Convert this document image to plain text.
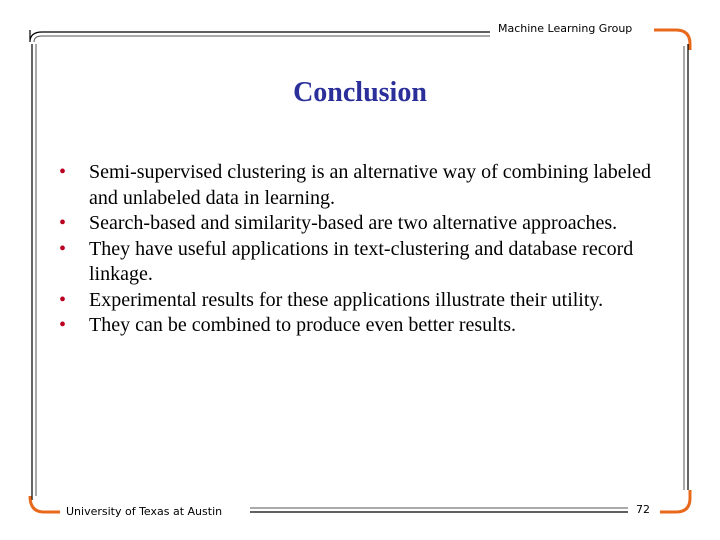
Machine Learning Group
Conclusion
• Semi-supervised clustering is an alternative way of combining labeled and unlabeled data in learning.
• Search-based and similarity-based are two alternative approaches.
• They have useful applications in text-clustering and database record linkage.
• Experimental results for these applications illustrate their utility.
• They can be combined to produce even better results.
University of Texas at Austin	72
